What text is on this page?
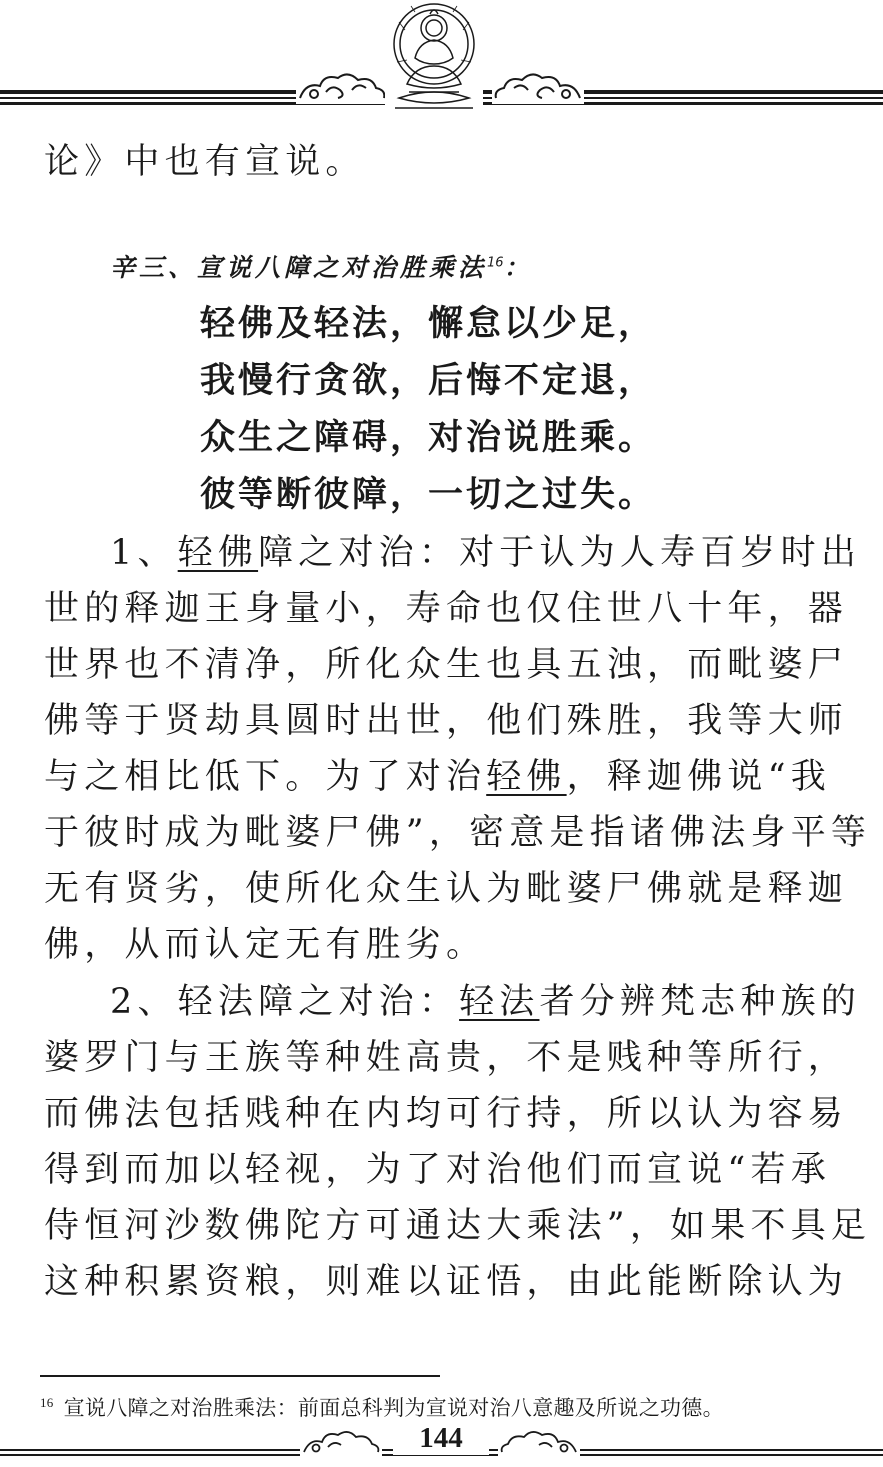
论》中也有宣说。
辛三、宣说八障之对治胜乘法$^{16}$：
轻佛及轻法，懈怠以少足，
我慢行贪欲，后悔不定退，
众生之障碍，对治说胜乘。
彼等断彼障，一切之过失。
1、轻佛障之对治：对于认为人寿百岁时出
世的释迦王身量小，寿命也仅住世八十年，器
世界也不清净，所化众生也具五浊，而毗婆尸
佛等于贤劫具圆时出世，他们殊胜，我等大师
与之相比低下。为了对治轻佛，释迦佛说“我
于彼时成为毗婆尸佛”，密意是指诸佛法身平等
无有贤劣，使所化众生认为毗婆尸佛就是释迦
佛，从而认定无有胜劣。
2、轻法障之对治：轻法者分辨梵志种族的
婆罗门与王族等种姓高贵，不是贱种等所行，
而佛法包括贱种在内均可行持，所以认为容易
得到而加以轻视，为了对治他们而宣说“若承
侍恒河沙数佛陀方可通达大乘法”，如果不具足
这种积累资粮，则难以证悟，由此能断除认为
$^{16}$ 宣说八障之对治胜乘法：前面总科判为宣说对治八意趣及所说之功德。
144
